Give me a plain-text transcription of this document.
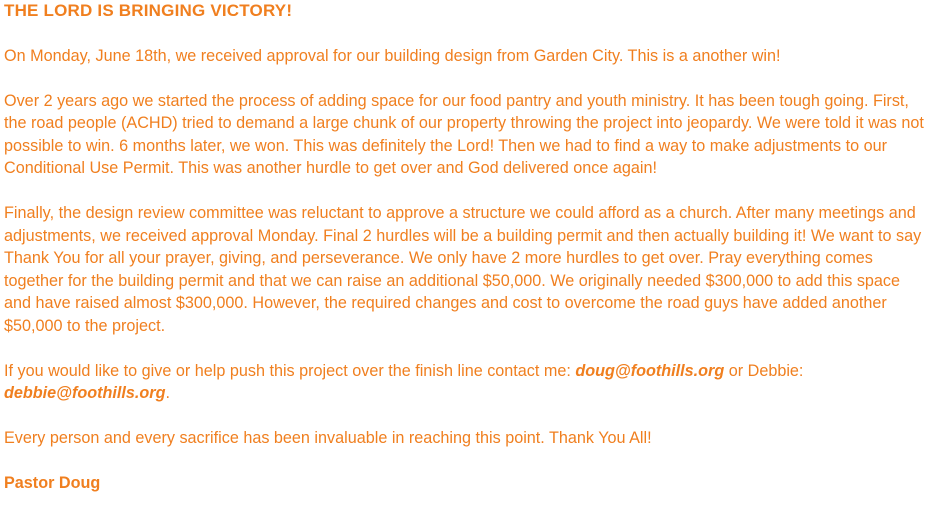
THE LORD IS BRINGING VICTORY!

On Monday, June 18th, we received approval for our building design from Garden City. This is a another win!

Over 2 years ago we started the process of adding space for our food pantry and youth ministry. It has been tough going. First, the road people (ACHD) tried to demand a large chunk of our property throwing the project into jeopardy. We were told it was not possible to win. 6 months later, we won. This was definitely the Lord! Then we had to find a way to make adjustments to our Conditional Use Permit. This was another hurdle to get over and God delivered once again!

Finally, the design review committee was reluctant to approve a structure we could afford as a church. After many meetings and adjustments, we received approval Monday. Final 2 hurdles will be a building permit and then actually building it! We want to say Thank You for all your prayer, giving, and perseverance. We only have 2 more hurdles to get over. Pray everything comes together for the building permit and that we can raise an additional $50,000. We originally needed $300,000 to add this space and have raised almost $300,000. However, the required changes and cost to overcome the road guys have added another $50,000 to the project.

If you would like to give or help push this project over the finish line contact me: doug@foothills.org or Debbie: debbie@foothills.org.

Every person and every sacrifice has been invaluable in reaching this point. Thank You All!

Pastor Doug
